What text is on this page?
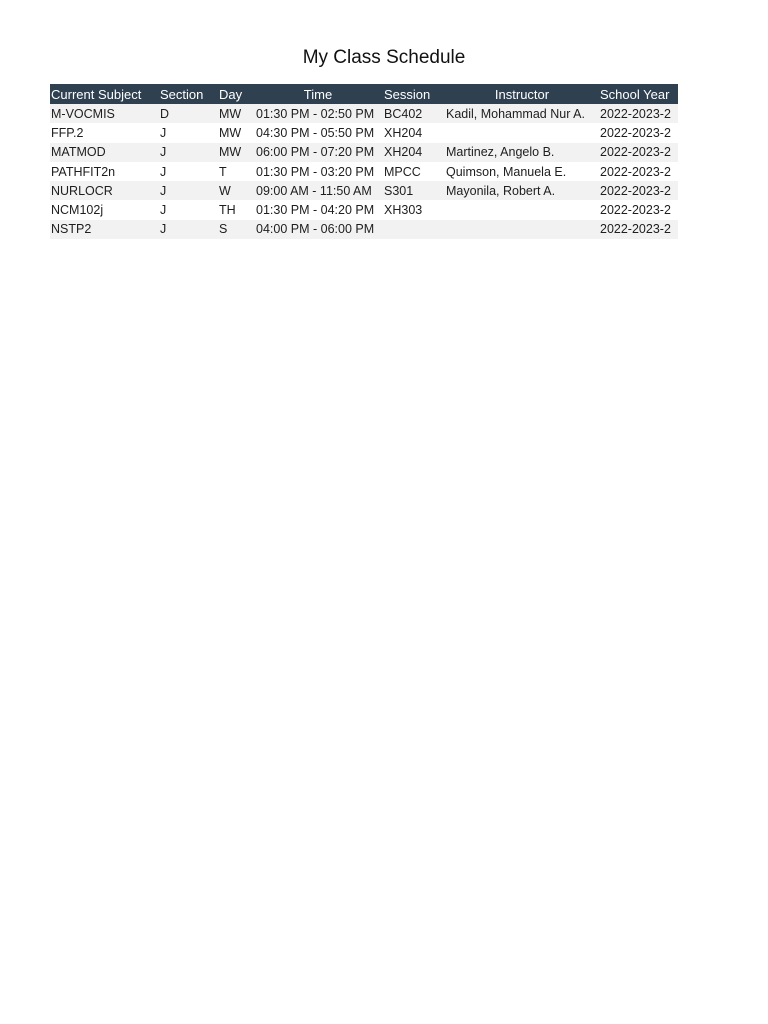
My Class Schedule
Current Subject	Section	Day	Time	Session	Instructor	School Year
M-VOCMIS	D	MW	01:30 PM - 02:50 PM	BC402	Kadil, Mohammad Nur A.	2022-2023-2
FFP.2	J	MW	04:30 PM - 05:50 PM	XH204		2022-2023-2
MATMOD	J	MW	06:00 PM - 07:20 PM	XH204	Martinez, Angelo B.	2022-2023-2
PATHFIT2n	J	T	01:30 PM - 03:20 PM	MPCC	Quimson, Manuela E.	2022-2023-2
NURLOCR	J	W	09:00 AM - 11:50 AM	S301	Mayonila, Robert A.	2022-2023-2
NCM102j	J	TH	01:30 PM - 04:20 PM	XH303		2022-2023-2
NSTP2	J	S	04:00 PM - 06:00 PM			2022-2023-2
